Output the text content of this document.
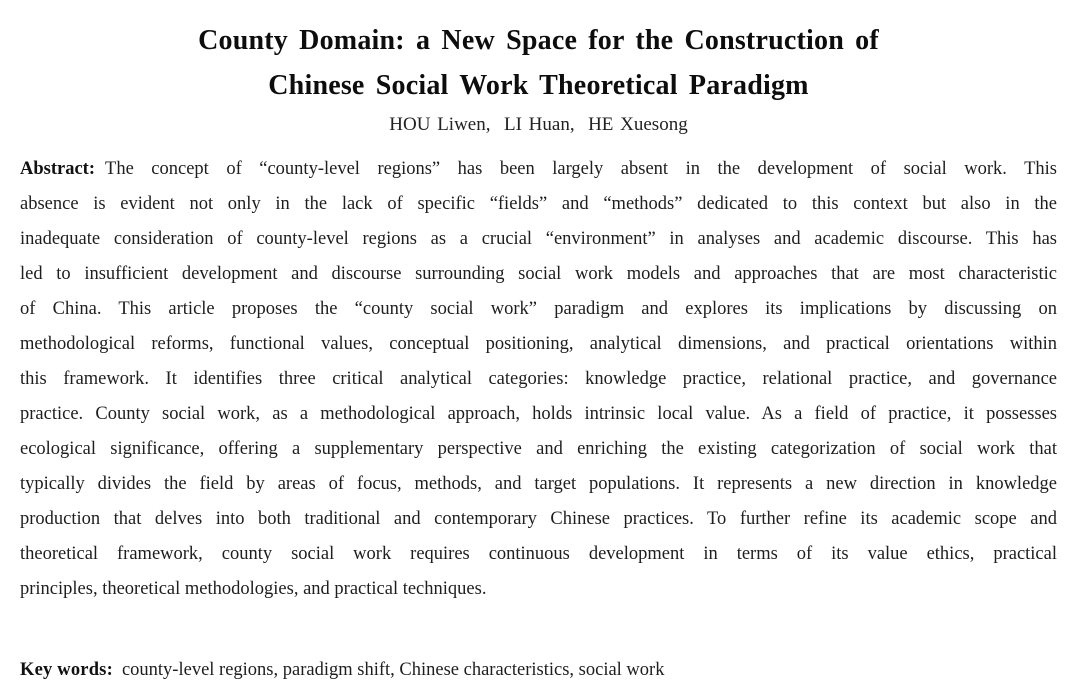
County Domain: a New Space for the Construction of
Chinese Social Work Theoretical Paradigm
HOU Liwen,  LI Huan,  HE Xuesong
Abstract: The concept of “county-level regions” has been largely absent in the development of social work. This
absence is evident not only in the lack of specific “fields” and “methods” dedicated to this context but also in the
inadequate consideration of county-level regions as a crucial “environment” in analyses and academic discourse. This has
led to insufficient development and discourse surrounding social work models and approaches that are most characteristic
of China. This article proposes the “county social work” paradigm and explores its implications by discussing on
methodological reforms, functional values, conceptual positioning, analytical dimensions, and practical orientations within
this framework. It identifies three critical analytical categories: knowledge practice, relational practice, and governance
practice. County social work, as a methodological approach, holds intrinsic local value. As a field of practice, it possesses
ecological significance, offering a supplementary perspective and enriching the existing categorization of social work that
typically divides the field by areas of focus, methods, and target populations. It represents a new direction in knowledge
production that delves into both traditional and contemporary Chinese practices. To further refine its academic scope and
theoretical framework, county social work requires continuous development in terms of its value ethics, practical
principles, theoretical methodologies, and practical techniques.
Key words: county-level regions, paradigm shift, Chinese characteristics, social work
